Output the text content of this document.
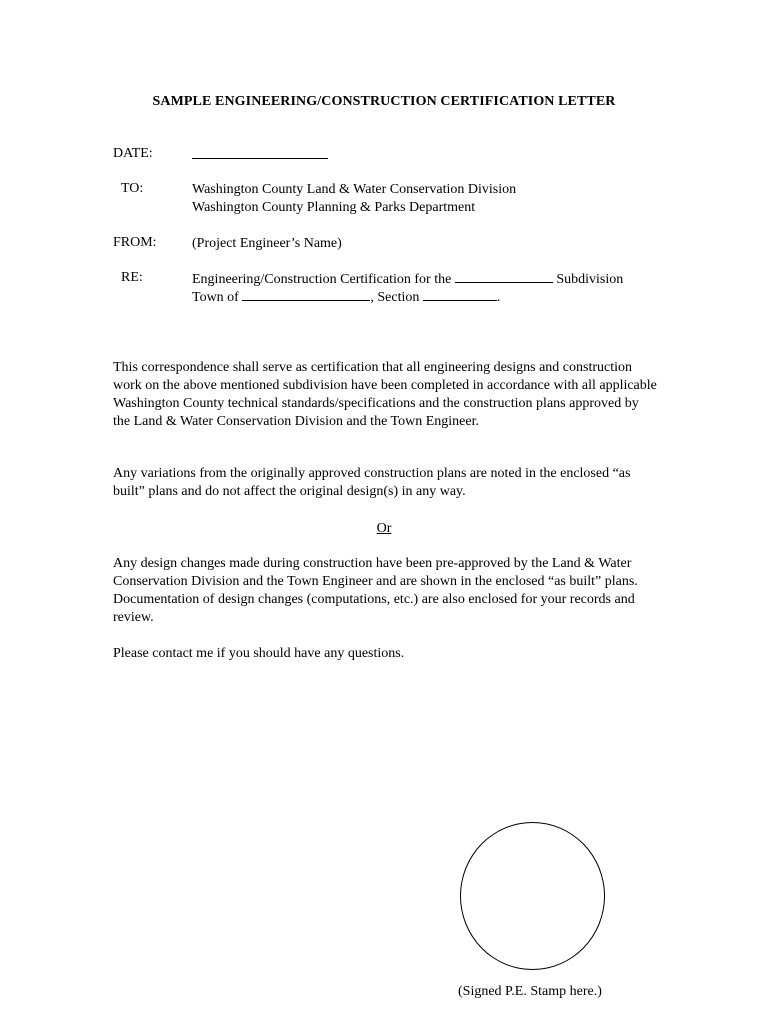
SAMPLE ENGINEERING/CONSTRUCTION CERTIFICATION LETTER
DATE:
TO:	Washington County Land & Water Conservation Division
Washington County Planning & Parks Department
FROM:	(Project Engineer’s Name)
RE:	Engineering/Construction Certification for the	Subdivision
Town of	, Section	.

This correspondence shall serve as certification that all engineering designs and construction work on the above mentioned subdivision have been completed in accordance with all applicable Washington County technical standards/specifications and the construction plans approved by the Land & Water Conservation Division and the Town Engineer.

Any variations from the originally approved construction plans are noted in the enclosed “as built” plans and do not affect the original design(s) in any way.

Or

Any design changes made during construction have been pre-approved by the Land & Water Conservation Division and the Town Engineer and are shown in the enclosed “as built” plans. Documentation of design changes (computations, etc.) are also enclosed for your records and review.

Please contact me if you should have any questions.

(Signed P.E. Stamp here.)
